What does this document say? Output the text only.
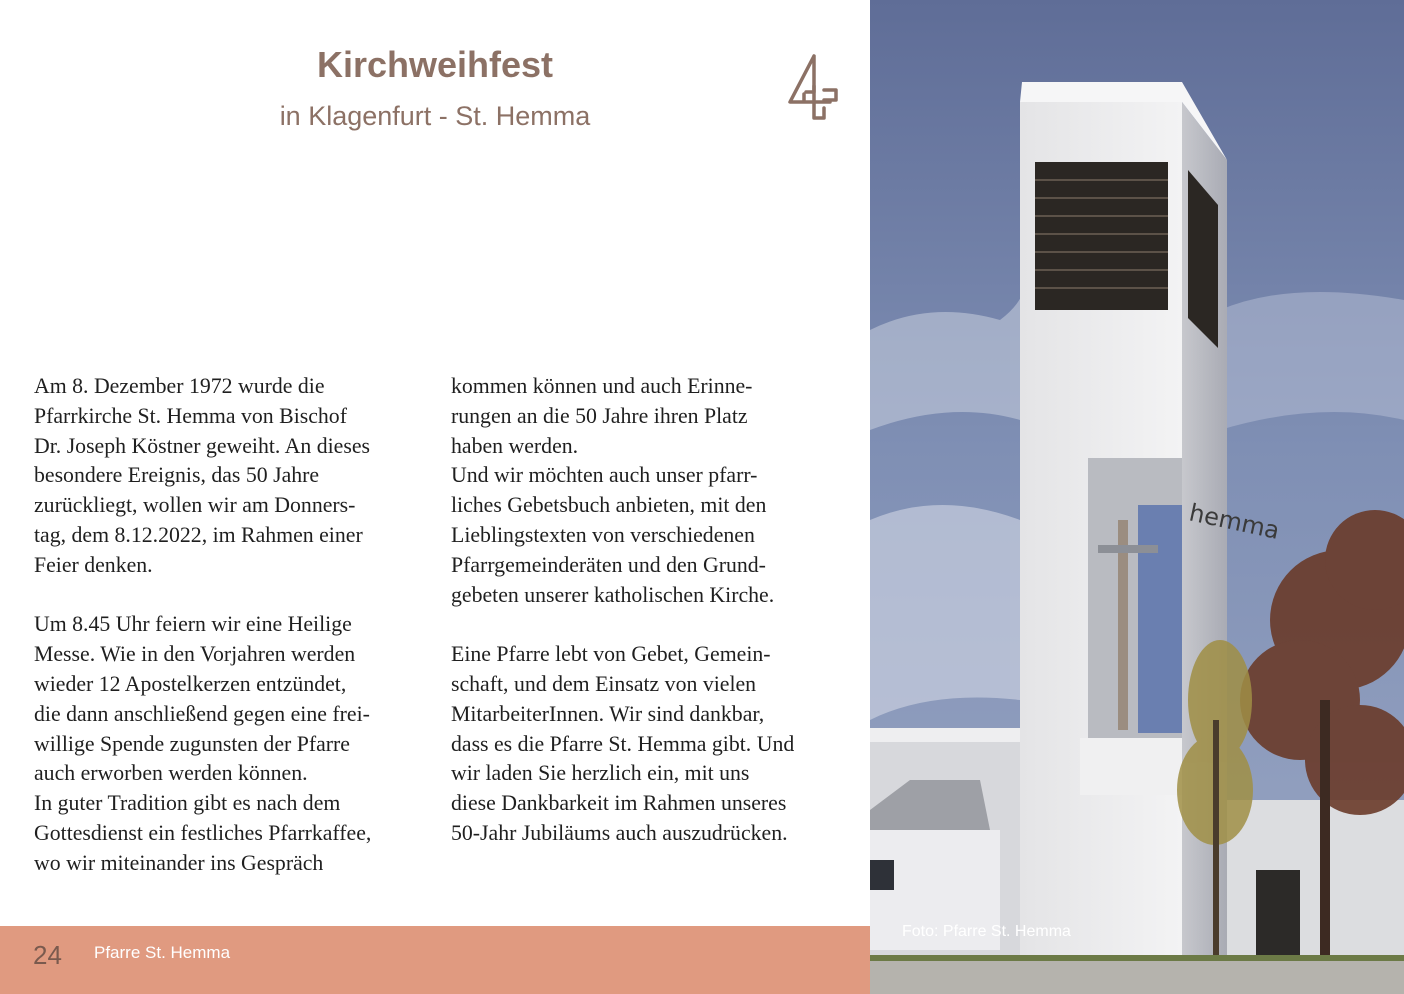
Kirchweihfest
in Klagenfurt - St. Hemma

Am 8. Dezember 1972 wurde die
Pfarrkirche St. Hemma von Bischof
Dr. Joseph Köstner geweiht. An dieses
besondere Ereignis, das 50 Jahre
zurückliegt, wollen wir am Donners-
tag, dem 8.12.2022, im Rahmen einer
Feier denken.

Um 8.45 Uhr feiern wir eine Heilige
Messe. Wie in den Vorjahren werden
wieder 12 Apostelkerzen entzündet,
die dann anschließend gegen eine frei-
willige Spende zugunsten der Pfarre
auch erworben werden können.
In guter Tradition gibt es nach dem
Gottesdienst ein festliches Pfarrkaffee,
wo wir miteinander ins Gespräch

kommen können und auch Erinne-
rungen an die 50 Jahre ihren Platz
haben werden.
Und wir möchten auch unser pfarr-
liches Gebetsbuch anbieten, mit den
Lieblingstexten von verschiedenen
Pfarrgemeinderäten und den Grund-
gebeten unserer katholischen Kirche.

Eine Pfarre lebt von Gebet, Gemein-
schaft, und dem Einsatz von vielen
MitarbeiterInnen. Wir sind dankbar,
dass es die Pfarre St. Hemma gibt. Und
wir laden Sie herzlich ein, mit uns
diese Dankbarkeit im Rahmen unseres
50-Jahr Jubiläums auch auszudrücken.

24 Pfarre St. Hemma
hemma
Foto: Pfarre St. Hemma
